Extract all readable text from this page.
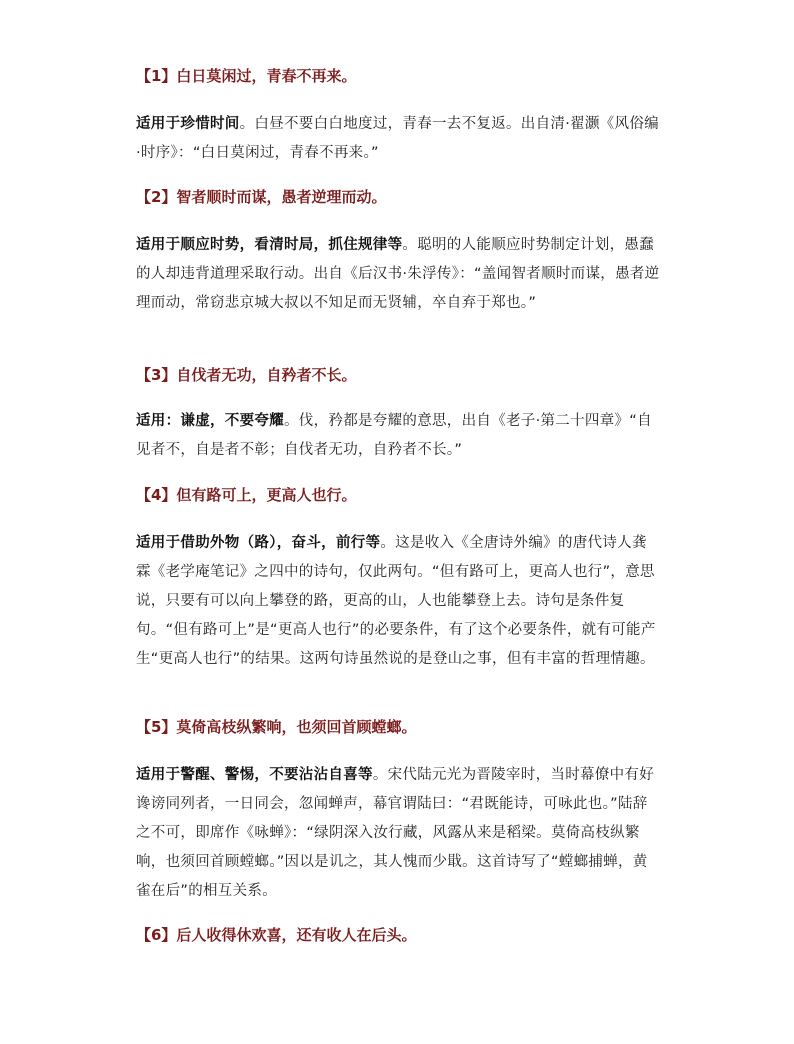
【1】白日莫闲过，青春不再来。
适用于珍惜时间。白昼不要白白地度过，青春一去不复返。出自清·翟灏《风俗编·时序》：“白日莫闲过，青春不再来。”
【2】智者顺时而谋，愚者逆理而动。
适用于顺应时势，看清时局，抓住规律等。聪明的人能顺应时势制定计划，愚蠢的人却违背道理采取行动。出自《后汉书·朱浮传》：“盖闻智者顺时而谋，愚者逆理而动，常窃悲京城大叔以不知足而无贤辅，卒自弃于郑也。”
【3】自伐者无功，自矜者不长。
适用：谦虚，不要夸耀。伐，矜都是夸耀的意思，出自《老子·第二十四章》“自见者不，自是者不彰；自伐者无功，自矜者不长。”
【4】但有路可上，更高人也行。
适用于借助外物（路），奋斗，前行等。这是收入《全唐诗外编》的唐代诗人龚霖《老学庵笔记》之四中的诗句，仅此两句。“但有路可上，更高人也行”，意思说，只要有可以向上攀登的路，更高的山，人也能攀登上去。诗句是条件复句。“但有路可上”是“更高人也行”的必要条件，有了这个必要条件，就有可能产生“更高人也行”的结果。这两句诗虽然说的是登山之事，但有丰富的哲理情趣。
【5】莫倚高枝纵繁响，也须回首顾螳螂。
适用于警醒、警惕，不要沾沾自喜等。宋代陆元光为晋陵宰时，当时幕僚中有好谗谤同列者，一日同会，忽闻蝉声，幕官谓陆曰：“君既能诗，可咏此也。”陆辞之不可，即席作《咏蝉》：“绿阴深入汝行藏，风露从来是稻梁。莫倚高枝纵繁响，也须回首顾螳螂。”因以是讥之，其人愧而少戢。这首诗写了“螳螂捕蝉，黄雀在后”的相互关系。
【6】后人收得休欢喜，还有收人在后头。
